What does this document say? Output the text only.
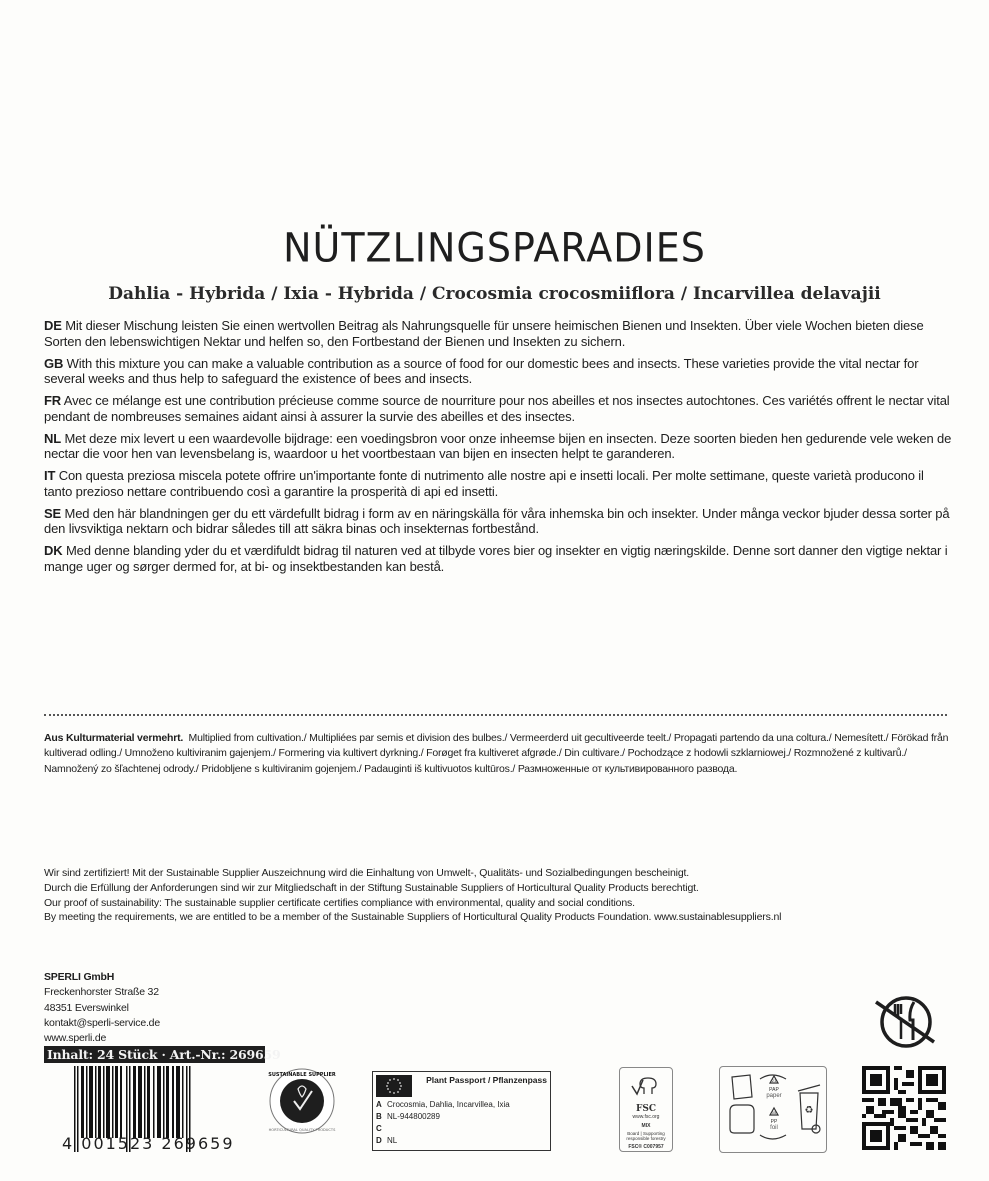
NÜTZLINGSPARADIES
Dahlia - Hybrida / Ixia - Hybrida / Crocosmia crocosmiiflora / Incarvillea delavajii

DE Mit dieser Mischung leisten Sie einen wertvollen Beitrag als Nahrungsquelle für unsere heimischen Bienen und Insekten. Über viele Wochen bieten diese Sorten den lebenswichtigen Nektar und helfen so, den Fortbestand der Bienen und Insekten zu sichern.

GB With this mixture you can make a valuable contribution as a source of food for our domestic bees and insects. These varieties provide the vital nectar for several weeks and thus help to safeguard the existence of bees and insects.

FR Avec ce mélange est une contribution précieuse comme source de nourriture pour nos abeilles et nos insectes autochtones. Ces variétés offrent le nectar vital pendant de nombreuses semaines aidant ainsi à assurer la survie des abeilles et des insectes.

NL Met deze mix levert u een waardevolle bijdrage: een voedingsbron voor onze inheemse bijen en insecten. Deze soorten bieden hen gedurende vele weken de nectar die voor hen van levensbelang is, waardoor u het voortbestaan van bijen en insecten helpt te garanderen.

IT Con questa preziosa miscela potete offrire un'importante fonte di nutrimento alle nostre api e insetti locali. Per molte settimane, queste varietà producono il tanto prezioso nettare contribuendo così a garantire la prosperità di api ed insetti.

SE Med den här blandningen ger du ett värdefullt bidrag i form av en näringskälla för våra inhemska bin och insekter. Under många veckor bjuder dessa sorter på den livsviktiga nektarn och bidrar således till att säkra binas och insekternas fortbestånd.

DK Med denne blanding yder du et værdifuldt bidrag til naturen ved at tilbyde vores bier og insekter en vigtig næringskilde. Denne sort danner den vigtige nektar i mange uger og sørger dermed for, at bi- og insektbestanden kan bestå.

Aus Kulturmaterial vermehrt. Multiplied from cultivation./ Multipliées par semis et division des bulbes./ Vermeerderd uit gecultiveerde teelt./ Propagati partendo da una coltura./ Nemesített./ Förökad från kultiverad odling./ Umnoženo kultiviranim gajenjem./ Formering via kultivert dyrkning./ Forøget fra kultiveret afgrøde./ Din cultivare./ Pochodzące z hodowli szklarniowej./ Rozmnožené z kultivarů./ Namnožený zo šľachtenej odrody./ Pridobljene s kultiviranim gojenjem./ Padauginti iš kultivuotos kultūros./ Размноженные от культивированного развода.
Wir sind zertifiziert! Mit der Sustainable Supplier Auszeichnung wird die Einhaltung von Umwelt-, Qualitäts- und Sozialbedingungen bescheinigt.
Durch die Erfüllung der Anforderungen sind wir zur Mitgliedschaft in der Stiftung Sustainable Suppliers of Horticultural Quality Products berechtigt.
Our proof of sustainability: The sustainable supplier certificate certifies compliance with environmental, quality and social conditions.
By meeting the requirements, we are entitled to be a member of the Sustainable Suppliers of Horticultural Quality Products Foundation. www.sustainablesuppliers.nl
SPERLI GmbH
Freckenhorster Straße 32
48351 Everswinkel
kontakt@sperli-service.de
www.sperli.de
Inhalt: 24 Stück · Art.-Nr.: 269659
4 001523 269659
SUSTAINABLE SUPPLIER
HORTICULTURAL QUALITY PRODUCTS
Plant Passport / Pflanzenpass
A Crocosmia, Dahlia, Incarvillea, Ixia
B NL-944800289
C
D NL
FSC
www.fsc.org
MIX
Board | Supporting responsible forestry
FSC® C007957
21
PAP
paper
05
PP
foil
♻
